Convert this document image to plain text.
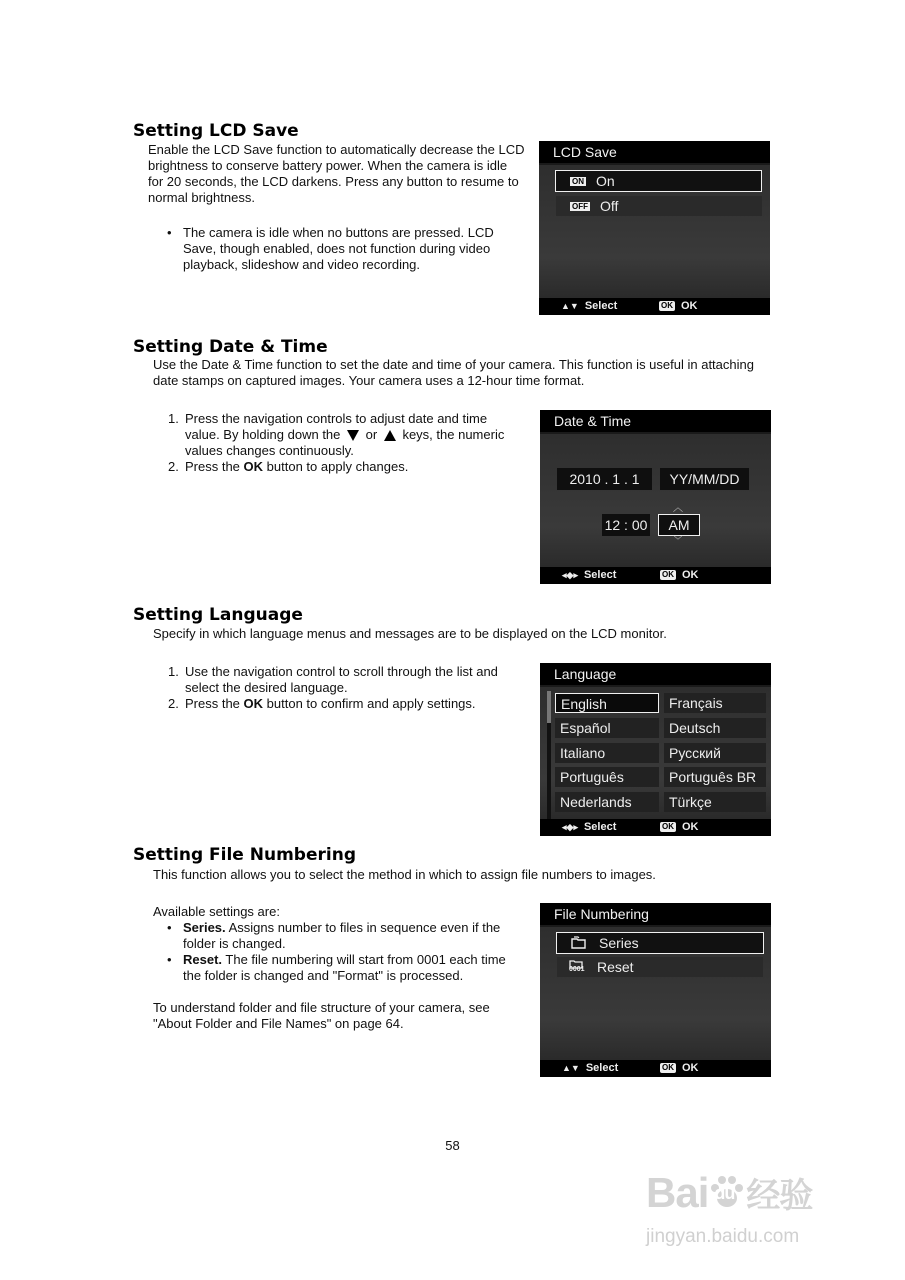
Setting LCD Save

Enable the LCD Save function to automatically decrease the LCD

brightness to conserve battery power. When the camera is idle

for 20 seconds, the LCD darkens. Press any button to resume to

normal brightness.

• The camera is idle when no buttons are pressed. LCD

Save, though enabled, does not function during video

playback, slideshow and video recording.

LCD Save
ON On
OFF Off
▲▼ Select	OK OK
Setting Date & Time

Use the Date & Time function to set the date and time of your camera. This function is useful in attaching

date stamps on captured images. Your camera uses a 12-hour time format.

1. Press the navigation controls to adjust date and time

value. By holding down the or keys, the numeric

values changes continuously.

2. Press the OK button to apply changes.

Date & Time
2010 . 1 . 1	YY/MM/DD
︿
12 : 00	AM
﹀
◂◆▸ Select	OK OK
Setting Language
Specify in which language menus and messages are to be displayed on the LCD monitor.
1. Use the navigation control to scroll through the list and

select the desired language.

2. Press the OK button to confirm and apply settings.

Language
English	Français
Español	Deutsch
Italiano	Русский
Português	Português BR
Nederlands	Türkçe
◂◆▸ Select	OK OK
Setting File Numbering
This function allows you to select the method in which to assign file numbers to images.

Available settings are:

• Series. Assigns number to files in sequence even if the

folder is changed.

• Reset. The file numbering will start from 0001 each time

the folder is changed and "Format" is processed.

To understand folder and file structure of your camera, see

"About Folder and File Names" on page 64.

File Numbering
Series
0001 Reset
▲▼ Select	OK OK
58
Bai du 经验
jingyan.baidu.com
